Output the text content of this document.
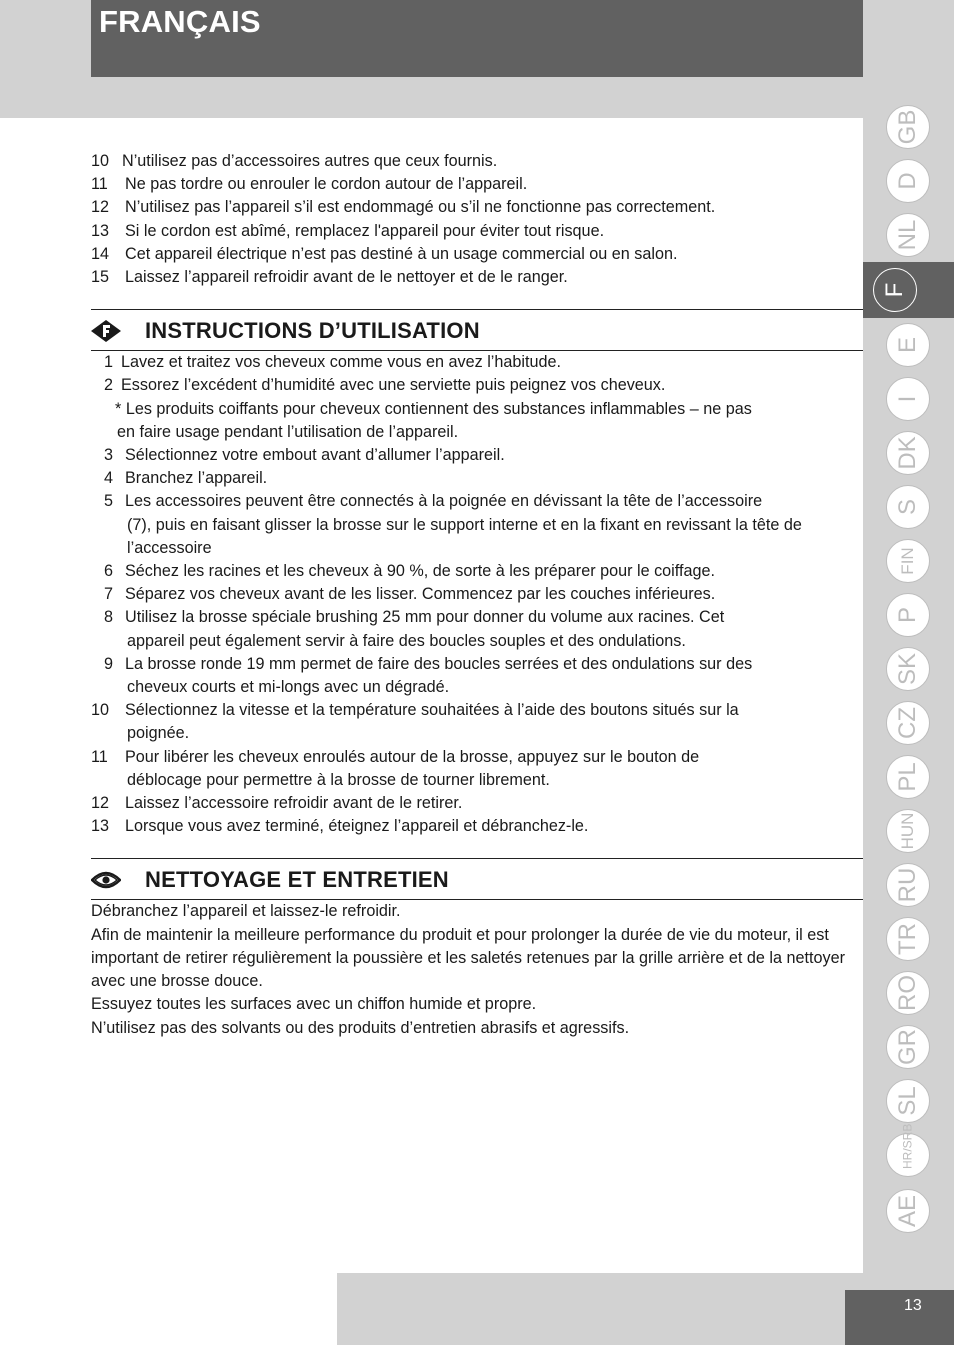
FRANÇAIS
10 N’utilisez pas d’accessoires autres que ceux fournis.
11	Ne pas tordre ou enrouler le cordon autour de l’appareil.
12 N’utilisez pas l’appareil s’il est endommagé ou s’il ne fonctionne pas correctement.
13 Si le cordon est abîmé, remplacez l'appareil pour éviter tout risque.
14 Cet appareil électrique n’est pas destiné à un usage commercial ou en salon.
15 Laissez l’appareil refroidir avant de le nettoyer et de le ranger.
INSTRUCTIONS D’UTILISATION
1 Lavez et traitez vos cheveux comme vous en avez l’habitude.
2 Essorez l’excédent d’humidité avec une serviette puis peignez vos cheveux.
* Les produits coiffants pour cheveux contiennent des substances inflammables – ne pas
en faire usage pendant l’utilisation de l’appareil.
3 Sélectionnez votre embout avant d’allumer l’appareil.
4 Branchez l’appareil.
5 Les accessoires peuvent être connectés à la poignée en dévissant la tête de l’accessoire
(7), puis en faisant glisser la brosse sur le support interne et en la fixant en revissant la tête de l’accessoire
6 Séchez les racines et les cheveux à 90 %, de sorte à les préparer pour le coiffage.
7 Séparez vos cheveux avant de les lisser. Commencez par les couches inférieures.
8 Utilisez la brosse spéciale brushing 25 mm pour donner du volume aux racines. Cet
appareil peut également servir à faire des boucles souples et des ondulations.
9 La brosse ronde 19 mm permet de faire des boucles serrées et des ondulations sur des
cheveux courts et mi-longs avec un dégradé.
10 Sélectionnez la vitesse et la température souhaitées à l’aide des boutons situés sur la
poignée.
11	Pour libérer les cheveux enroulés autour de la brosse, appuyez sur le bouton de
déblocage pour permettre à la brosse de tourner librement.
12 Laissez l’accessoire refroidir avant de le retirer.
13 Lorsque vous avez terminé, éteignez l’appareil et débranchez-le.
NETTOYAGE ET ENTRETIEN

Débranchez l’appareil et laissez-le refroidir.

Afin de maintenir la meilleure performance du produit et pour prolonger la durée de vie du moteur, il est important de retirer régulièrement la poussière et les saletés retenues par la grille arrière et de la nettoyer avec une brosse douce.

Essuyez toutes les surfaces avec un chiffon humide et propre.

N’utilisez pas des solvants ou des produits d’entretien abrasifs et agressifs.

GB
D
NL
E
I
DK
S
FIN
P
SK
CZ
PL
HUN
RU
TR
RO
GR
SL
HR/SRB
AE
F
13
